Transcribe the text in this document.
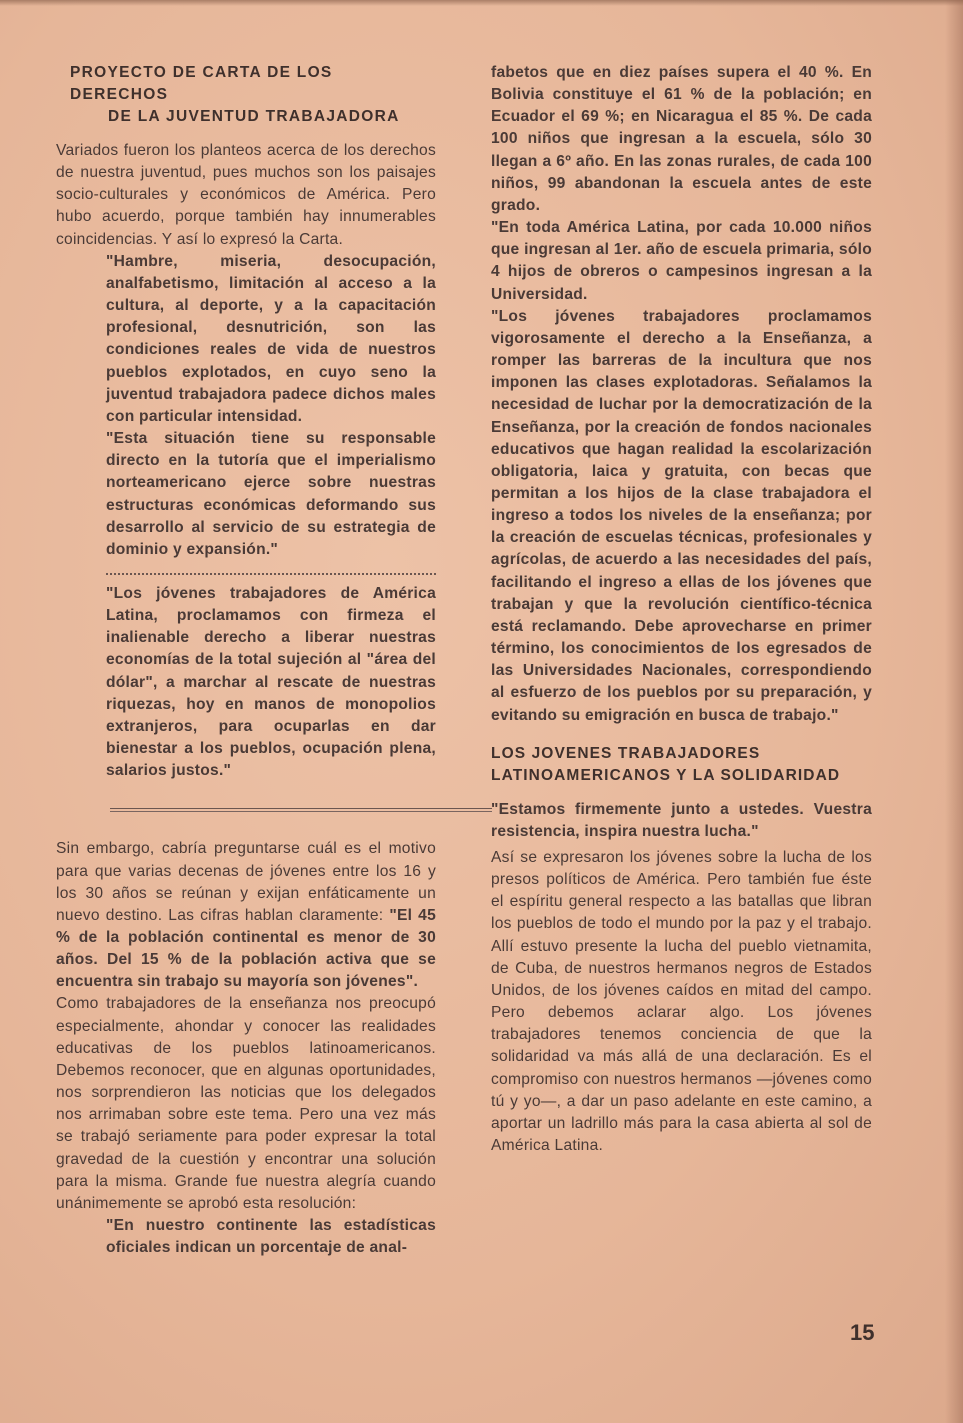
PROYECTO DE CARTA DE LOS DERECHOS

DE LA JUVENTUD TRABAJADORA

Variados fueron los planteos acerca de los derechos de nuestra juventud, pues muchos son los paisajes socio-culturales y económicos de América. Pero hubo acuerdo, porque también hay innumerables coincidencias. Y así lo expresó la Carta.

"Hambre, miseria, desocupación, analfabetismo, limitación al acceso a la cultura, al deporte, y a la capacitación profesional, desnutrición, son las condiciones reales de vida de nuestros pueblos explotados, en cuyo seno la juventud trabajadora padece dichos males con particular intensidad.

"Esta situación tiene su responsable directo en la tutoría que el imperialismo norteamericano ejerce sobre nuestras estructuras económicas deformando sus desarrollo al servicio de su estrategia de dominio y expansión."

"Los jóvenes trabajadores de América Latina, proclamamos con firmeza el inalienable derecho a liberar nuestras economías de la total sujeción al "área del dólar", a marchar al rescate de nuestras riquezas, hoy en manos de monopolios extranjeros, para ocuparlas en dar bienestar a los pueblos, ocupación plena, salarios justos."

Sin embargo, cabría preguntarse cuál es el motivo para que varias decenas de jóvenes entre los 16 y los 30 años se reúnan y exijan enfáticamente un nuevo destino. Las cifras hablan claramente: "El 45 % de la población continental es menor de 30 años. Del 15 % de la población activa que se encuentra sin trabajo su mayoría son jóvenes".

Como trabajadores de la enseñanza nos preocupó especialmente, ahondar y conocer las realidades educativas de los pueblos latinoamericanos. Debemos reconocer, que en algunas oportunidades, nos sorprendieron las noticias que los delegados nos arrimaban sobre este tema. Pero una vez más se trabajó seriamente para poder expresar la total gravedad de la cuestión y encontrar una solución para la misma. Grande fue nuestra alegría cuando unánimemente se aprobó esta resolución:

"En nuestro continente las estadísticas oficiales indican un porcentaje de anal-

fabetos que en diez países supera el 40 %. En Bolivia constituye el 61 % de la población; en Ecuador el 69 %; en Nicaragua el 85 %. De cada 100 niños que ingresan a la escuela, sólo 30 llegan a 6º año. En las zonas rurales, de cada 100 niños, 99 abandonan la escuela antes de este grado.

"En toda América Latina, por cada 10.000 niños que ingresan al 1er. año de escuela primaria, sólo 4 hijos de obreros o campesinos ingresan a la Universidad.

"Los jóvenes trabajadores proclamamos vigorosamente el derecho a la Enseñanza, a romper las barreras de la incultura que nos imponen las clases explotadoras. Señalamos la necesidad de luchar por la democratización de la Enseñanza, por la creación de fondos nacionales educativos que hagan realidad la escolarización obligatoria, laica y gratuita, con becas que permitan a los hijos de la clase trabajadora el ingreso a todos los niveles de la enseñanza; por la creación de escuelas técnicas, profesionales y agrícolas, de acuerdo a las necesidades del país, facilitando el ingreso a ellas de los jóvenes que trabajan y que la revolución científico-técnica está reclamando. Debe aprovecharse en primer término, los conocimientos de los egresados de las Universidades Nacionales, correspondiendo al esfuerzo de los pueblos por su preparación, y evitando su emigración en busca de trabajo."

LOS JOVENES TRABAJADORES

LATINOAMERICANOS Y LA SOLIDARIDAD

"Estamos firmemente junto a ustedes. Vuestra resistencia, inspira nuestra lucha."

Así se expresaron los jóvenes sobre la lucha de los presos políticos de América. Pero también fue éste el espíritu general respecto a las batallas que libran los pueblos de todo el mundo por la paz y el trabajo. Allí estuvo presente la lucha del pueblo vietnamita, de Cuba, de nuestros hermanos negros de Estados Unidos, de los jóvenes caídos en mitad del campo. Pero debemos aclarar algo. Los jóvenes trabajadores tenemos conciencia de que la solidaridad va más allá de una declaración. Es el compromiso con nuestros hermanos —jóvenes como tú y yo—, a dar un paso adelante en este camino, a aportar un ladrillo más para la casa abierta al sol de América Latina.

15
